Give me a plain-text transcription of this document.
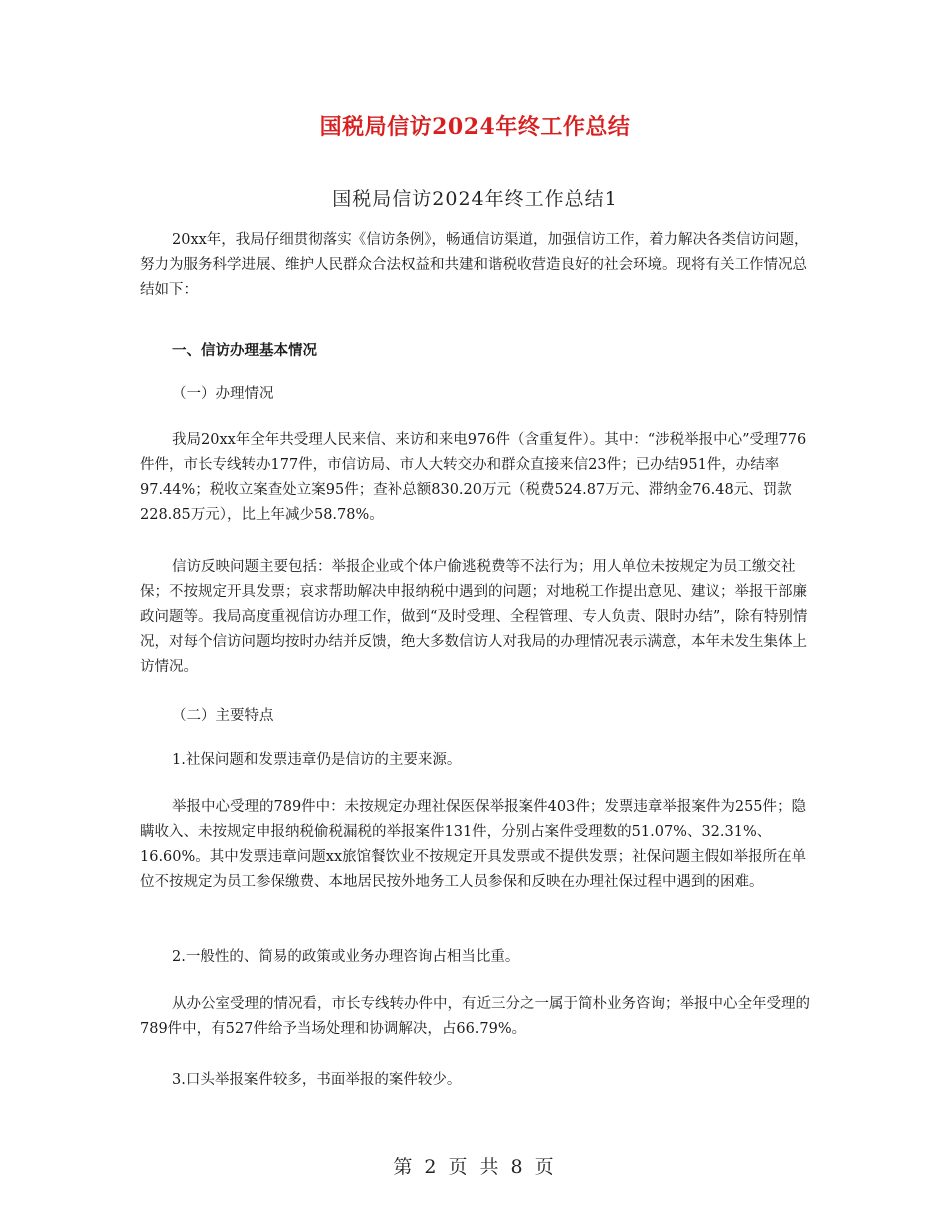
国税局信访2024年终工作总结
国税局信访2024年终工作总结1

20xx年，我局仔细贯彻落实《信访条例》，畅通信访渠道，加强信访工作，着力解决各类信访问题，努力为服务科学进展、维护人民群众合法权益和共建和谐税收营造良好的社会环境。现将有关工作情况总结如下：

一、信访办理基本情况
（一）办理情况

我局20xx年全年共受理人民来信、来访和来电976件（含重复件）。其中：“涉税举报中心”受理776件件，市长专线转办177件，市信访局、市人大转交办和群众直接来信23件；已办结951件，办结率97.44%；税收立案查处立案95件；查补总额830.20万元（税费524.87万元、滞纳金76.48元、罚款228.85万元），比上年减少58.78%。

信访反映问题主要包括：举报企业或个体户偷逃税费等不法行为；用人单位未按规定为员工缴交社保；不按规定开具发票；哀求帮助解决申报纳税中遇到的问题；对地税工作提出意见、建议；举报干部廉政问题等。我局高度重视信访办理工作，做到“及时受理、全程管理、专人负责、限时办结”，除有特别情况，对每个信访问题均按时办结并反馈，绝大多数信访人对我局的办理情况表示满意，本年未发生集体上访情况。

（二）主要特点
1.社保问题和发票违章仍是信访的主要来源。

举报中心受理的789件中：未按规定办理社保医保举报案件403件；发票违章举报案件为255件；隐瞒收入、未按规定申报纳税偷税漏税的举报案件131件，分别占案件受理数的51.07%、32.31%、16.60%。其中发票违章问题xx旅馆餐饮业不按规定开具发票或不提供发票；社保问题主假如举报所在单位不按规定为员工参保缴费、本地居民按外地务工人员参保和反映在办理社保过程中遇到的困难。

2.一般性的、简易的政策或业务办理咨询占相当比重。

从办公室受理的情况看，市长专线转办件中，有近三分之一属于简朴业务咨询；举报中心全年受理的789件中，有527件给予当场处理和协调解决，占66.79%。

3.口头举报案件较多，书面举报的案件较少。
第 2 页 共 8 页
